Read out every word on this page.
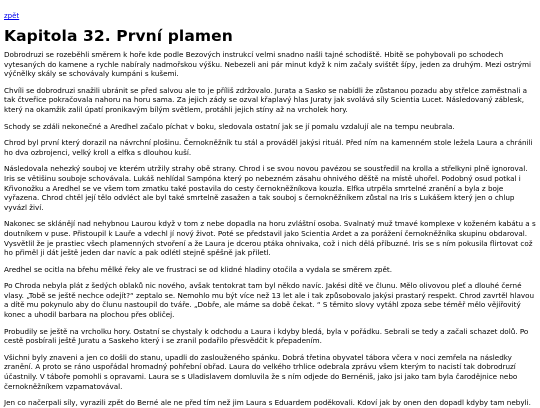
zpět
Kapitola 32. První plamen

Dobrodruzi se rozeběhli směrem k hoře kde podle Bezových instrukcí velmi snadno našli tajné schodiště. Hbitě se pohybovali po schodech vytesaných do kamene a rychle nabíraly nadmořskou výšku. Nebezeli ani pár minut když k nim začaly svištět šípy, jeden za druhým. Mezi ostrými výčnělky skály se schovávaly kumpáni s kušemi.

Chvíli se dobrodruzi snažili ubránit se před salvou ale to je příliš zdržovalo. Jurata a Sasko se nabídli že zůstanou pozadu aby střelce zaměstnali a tak čtveřice pokračovala nahoru na horu sama. Za jejich zády se ozval křaplavý hlas Juraty jak svolává síly Scientia Lucet. Následovaný záblesk, který na okamžik zalil úpatí pronikavým bílým světlem, protáhli jejich stíny až na vrcholek hory.

Schody se zdáli nekonečné a Aredhel začalo píchat v boku, sledovala ostatní jak se jí pomalu vzdalují ale na tempu neubrala.

Chrod byl první který dorazil na návrchní plošinu. Černokněžník tu stál a prováděl jakýsi rituál. Před ním na kamenném stole ležela Laura a chránili ho dva ozbrojenci, velký kroll a elfka s dlouhou kuší.

Následovala nehezký souboj ve kterém utržily strahy obě strany. Chrod i se svou novou pavézou se soustředil na krolla a střelkyni plně ignoroval. Iris se větišinu souboje schovávala. Lukáš nehlídal Sampóna který po nebezném zásahu ohnivého děště na místě uhořel. Podobný osud potkal i Křivonožku a Aredhel se ve všem tom zmatku také postavila do cesty černokněžníkova kouzla. Elfka utrpěla smrtelné zranění a byla z boje vyřazena. Chrod chtěl její tělo odvléct ale byl také smrtelně zasažen a tak souboj s černokněžníkem zůstal na Iris s Lukášem který jen o chlup vyvázl živí.

Nakonec se sklánějí nad nehybnou Laurou když v tom z nebe dopadla na horu zvláštní osoba. Svalnatý muž tmavé komplexe v koženém kabátu a s doutníkem v puse. Přistoupil k Lauře a vdechl jí nový život. Poté se představil jako Scientia Ardet a za porážení černokněžníka skupinu obdaroval. Vysvětlil že je prastiec všech plamenných stvoření a že Laura je dcerou ptáka ohnivaka, což i nich dělá příbuzné. Iris se s ním pokusila flirtovat což ho přiměl ji dát ještě jeden dar navíc a pak odlétl stejně spěšně jak přiletl.

Aredhel se ocitla na břehu mělké řeky ale ve frustraci se od klidné hladiny otočila a vydala se směrem zpět.

Po Chroda nebyla plát z šedých oblaků nic nového, avšak tentokrat tam byl někdo navíc. Jakési dítě ve člunu. Mělo olivovou pleť a dlouhé černé vlasy. „Tobě se ještě nechce odejít?“ zeptalo se. Nemohlo mu být více než 13 let ale i tak způsobovalo jakýsi prastarý respekt. Chrod zavrtěl hlavou a dítě mu pokynulo aby do člunu nastoupil do tváře. „Dobře, ale máme sa době čekat. “ S těmito slovy vytáhl zpoza sebe téměř mělo vějířovitý konec a uhodil barbara na plochou přes obličej.

Probudily se ještě na vrcholku hory. Ostatní se chystaly k odchodu a Laura i kdyby bledá, byla v pořádku. Sebrali se tedy a začali schazet dolů. Po cestě posbírali ještě Juratu a Saskeho který i se zranil podařilo přesvědčit k přepadením.

Všichni byly znaveni a jen co došli do stanu, upadli do zaslouženého spánku. Dobrá třetina obyvatel tábora včera v noci zemřela na následky zranění. A proto se ráno uspořádal hromadný pohřební obřad. Laura do velkého trhlice odebrala zprávu všem kterým to nacistí tak dobrodruzí účastnily. V táboře pomohli s opravami. Laura se s Uladislavem domluvila že s ním odjede do Bernéniš, jako jsi jako tam byla čarodějnice nebo černokněžníkem vzpamatovával.

Jen co načerpali síly, vyrazili zpět do Berné ale ne před tím než jim Laura s Eduardem poděkovali. Kdoví jak by onen den dopadl kdyby tam nebyli.
